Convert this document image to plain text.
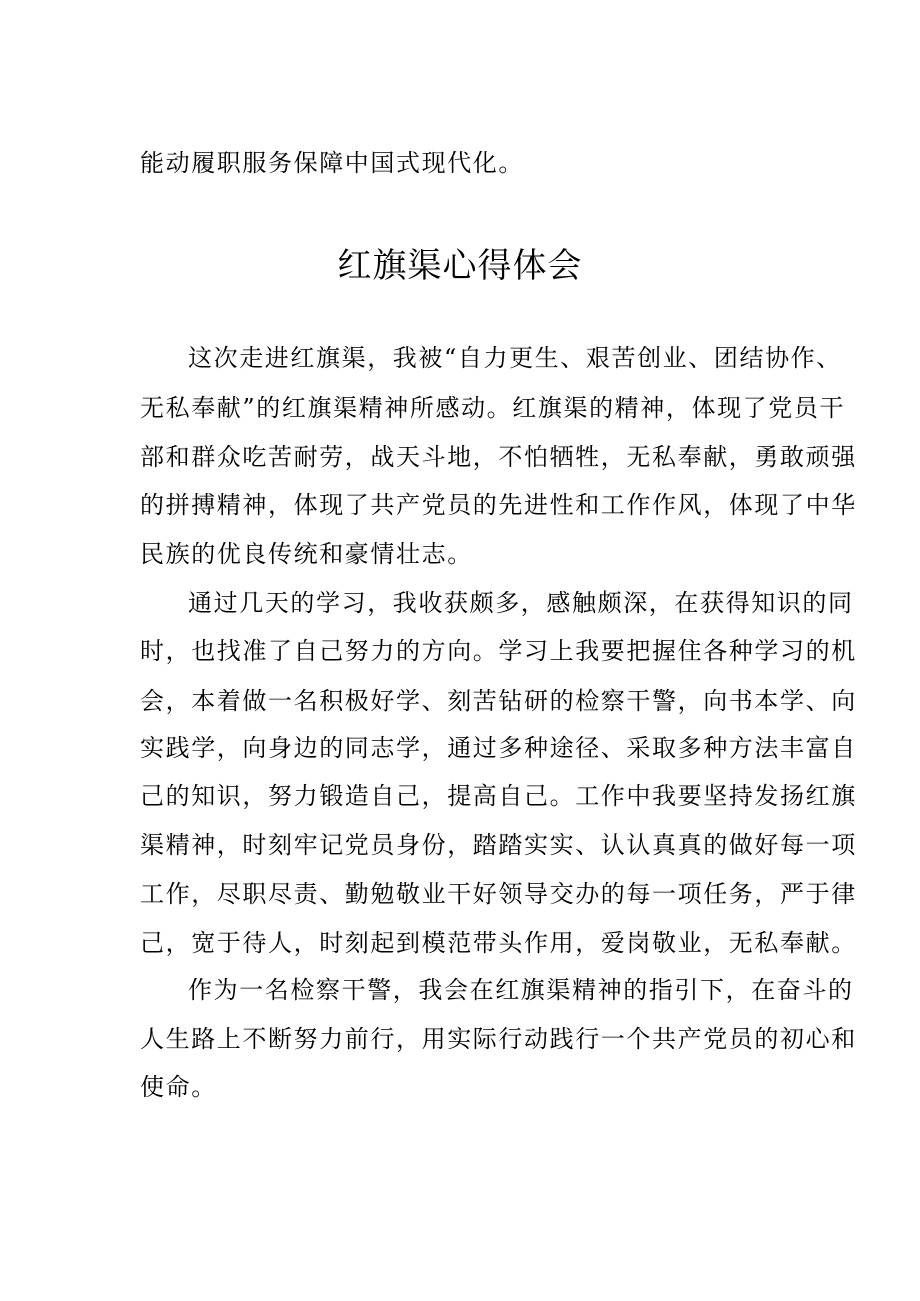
能动履职服务保障中国式现代化。
红旗渠心得体会
这次走进红旗渠，我被“自力更生、艰苦创业、团结协作、
无私奉献”的红旗渠精神所感动。红旗渠的精神，体现了党员干
部和群众吃苦耐劳，战天斗地，不怕牺牲，无私奉献，勇敢顽强
的拼搏精神，体现了共产党员的先进性和工作作风，体现了中华
民族的优良传统和豪情壮志。
通过几天的学习，我收获颇多，感触颇深，在获得知识的同
时，也找准了自己努力的方向。学习上我要把握住各种学习的机
会，本着做一名积极好学、刻苦钻研的检察干警，向书本学、向
实践学，向身边的同志学，通过多种途径、采取多种方法丰富自
己的知识，努力锻造自己，提高自己。工作中我要坚持发扬红旗
渠精神，时刻牢记党员身份，踏踏实实、认认真真的做好每一项
工作，尽职尽责、勤勉敬业干好领导交办的每一项任务，严于律
己，宽于待人，时刻起到模范带头作用，爱岗敬业，无私奉献。
作为一名检察干警，我会在红旗渠精神的指引下，在奋斗的
人生路上不断努力前行，用实际行动践行一个共产党员的初心和
使命。
